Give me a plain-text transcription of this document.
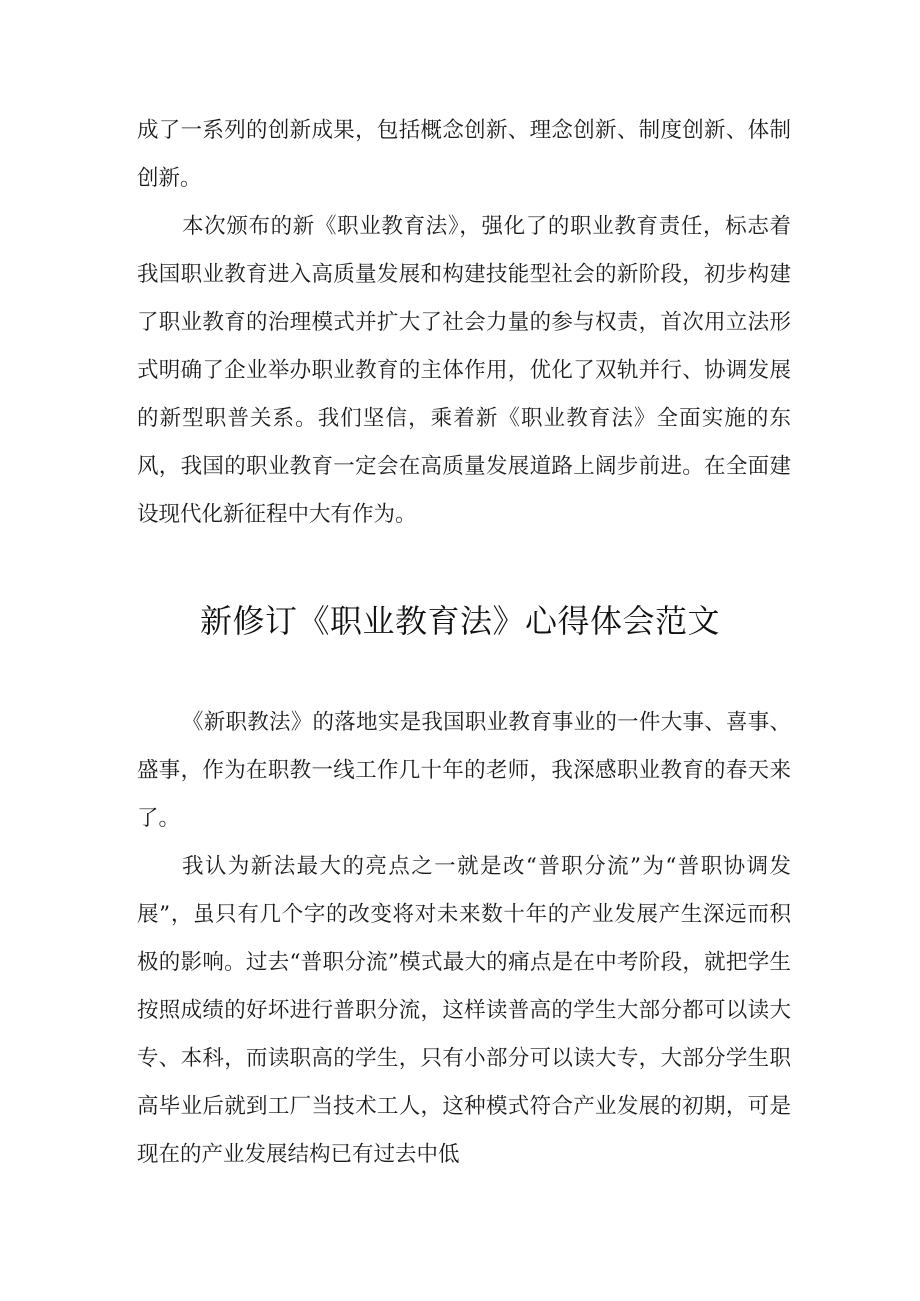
成了一系列的创新成果，包括概念创新、理念创新、制度创新、体制创新。

本次颁布的新《职业教育法》，强化了的职业教育责任，标志着我国职业教育进入高质量发展和构建技能型社会的新阶段，初步构建了职业教育的治理模式并扩大了社会力量的参与权责，首次用立法形式明确了企业举办职业教育的主体作用，优化了双轨并行、协调发展的新型职普关系。我们坚信，乘着新《职业教育法》全面实施的东风，我国的职业教育一定会在高质量发展道路上阔步前进。在全面建设现代化新征程中大有作为。

新修订《职业教育法》心得体会范文

《新职教法》的落地实是我国职业教育事业的一件大事、喜事、盛事，作为在职教一线工作几十年的老师，我深感职业教育的春天来了。

我认为新法最大的亮点之一就是改“普职分流”为“普职协调发展”，虽只有几个字的改变将对未来数十年的产业发展产生深远而积极的影响。过去“普职分流”模式最大的痛点是在中考阶段，就把学生按照成绩的好坏进行普职分流，这样读普高的学生大部分都可以读大专、本科，而读职高的学生，只有小部分可以读大专，大部分学生职高毕业后就到工厂当技术工人，这种模式符合产业发展的初期，可是现在的产业发展结构已有过去中低
